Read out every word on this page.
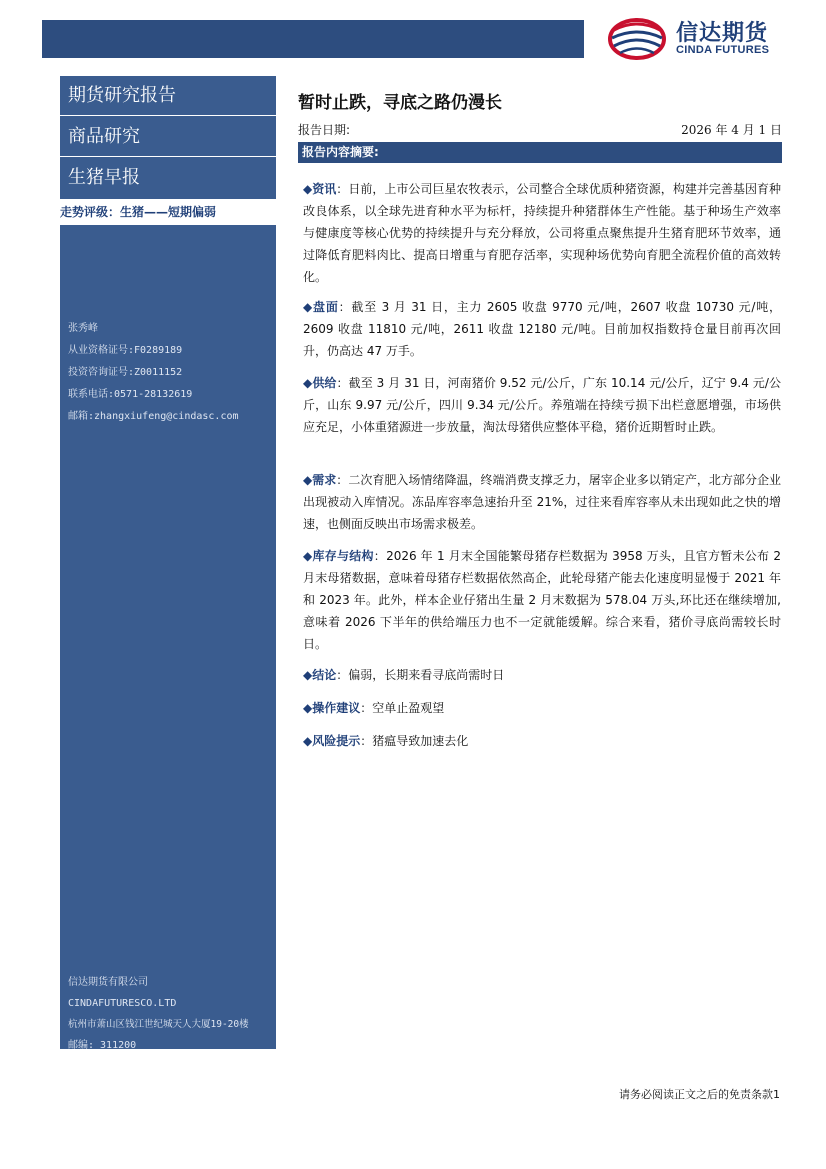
信达期货
CINDA FUTURES
期货研究报告
商品研究
生猪早报
走势评级：生猪——短期偏弱
张秀峰
从业资格证号:F0289189
投资咨询证号:Z0011152
联系电话:0571-28132619
邮箱:zhangxiufeng@cindasc.com
信达期货有限公司
CINDAFUTURESCO.LTD
杭州市萧山区钱江世纪城天人大厦19-20楼
邮编: 311200
暂时止跌，寻底之路仍漫长
报告日期:	2026 年 4 月 1 日
报告内容摘要:
◆资讯：日前，上市公司巨星农牧表示，公司整合全球优质种猪资源，构建并完善基因育种改良体系，以全球先进育种水平为标杆，持续提升种猪群体生产性能。基于种场生产效率与健康度等核心优势的持续提升与充分释放，公司将重点聚焦提升生猪育肥环节效率，通过降低育肥料肉比、提高日增重与育肥存活率，实现种场优势向育肥全流程价值的高效转化。
◆盘面：截至 3 月 31 日，主力 2605 收盘 9770 元/吨，2607 收盘 10730 元/吨，2609 收盘 11810 元/吨，2611 收盘 12180 元/吨。目前加权指数持仓量目前再次回升，仍高达 47 万手。
◆供给：截至 3 月 31 日，河南猪价 9.52 元/公斤，广东 10.14 元/公斤，辽宁 9.4 元/公斤，山东 9.97 元/公斤，四川 9.34 元/公斤。养殖端在持续亏损下出栏意愿增强，市场供应充足，小体重猪源进一步放量，淘汰母猪供应整体平稳，猪价近期暂时止跌。
◆需求：二次育肥入场情绪降温，终端消费支撑乏力，屠宰企业多以销定产，北方部分企业出现被动入库情况。冻品库容率急速抬升至 21%，过往来看库容率从未出现如此之快的增速，也侧面反映出市场需求极差。
◆库存与结构：2026 年 1 月末全国能繁母猪存栏数据为 3958 万头，且官方暂未公布 2 月末母猪数据，意味着母猪存栏数据依然高企，此轮母猪产能去化速度明显慢于 2021 年和 2023 年。此外，样本企业仔猪出生量 2 月末数据为 578.04 万头,环比还在继续增加,意味着 2026 下半年的供给端压力也不一定就能缓解。综合来看，猪价寻底尚需较长时日。
◆结论：偏弱，长期来看寻底尚需时日
◆操作建议：空单止盈观望
◆风险提示：猪瘟导致加速去化
请务必阅读正文之后的免责条款1
